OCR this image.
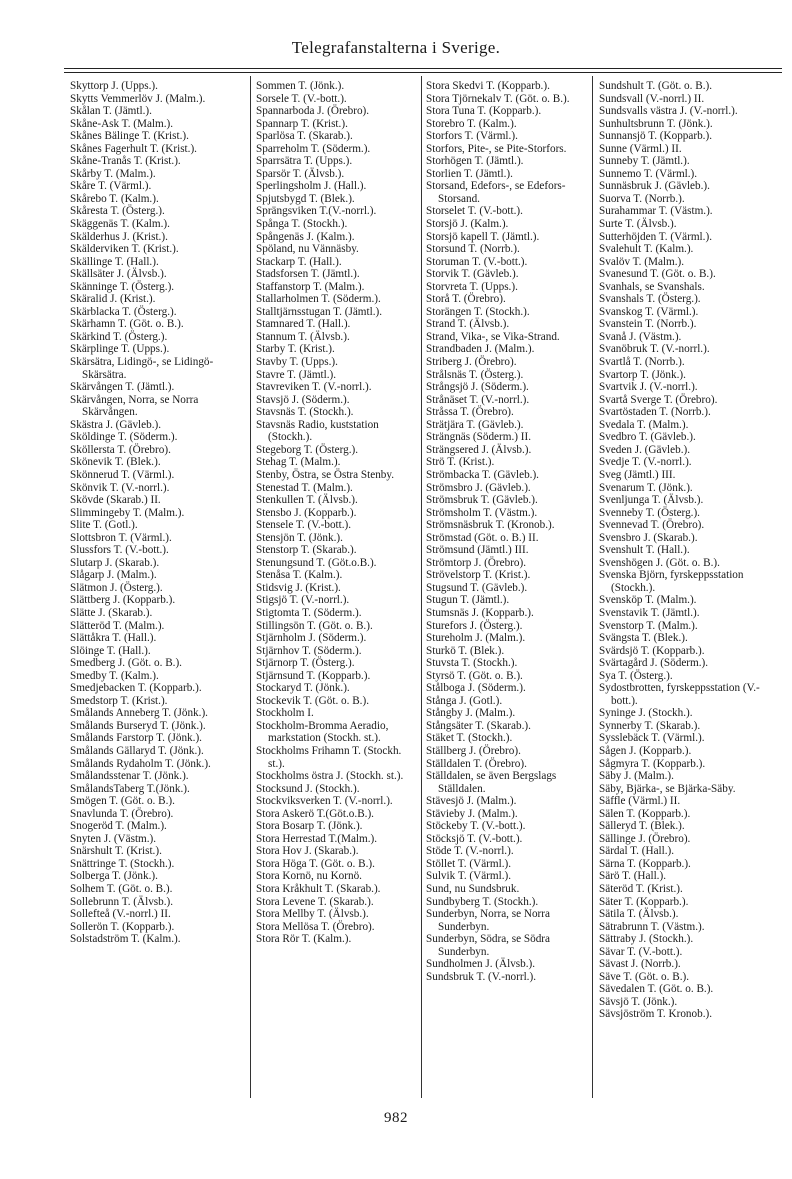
Telegrafanstalterna i Sverige.
Skyttorp J. (Upps.).
Skytts Vemmerlöv J. (Malm.).
Skålan T. (Jämtl.).
Skåne-Ask T. (Malm.).
Skånes Bälinge T. (Krist.).
Skånes Fagerhult T. (Krist.).
Skåne-Tranås T. (Krist.).
Skårby T. (Malm.).
Skåre T. (Värml.).
Skårebo T. (Kalm.).
Skåresta T. (Österg.).
Skäggenäs T. (Kalm.).
Skälderhus J. (Krist.).
Skälderviken T. (Krist.).
Skällinge T. (Hall.).
Skällsäter J. (Älvsb.).
Skänninge T. (Österg.).
Skäralid J. (Krist.).
Skärblacka T. (Österg.).
Skärhamn T. (Göt. o. B.).
Skärkind T. (Österg.).
Skärplinge T. (Upps.).
Skärsätra, Lidingö-, se Lidingö-Skärsätra.
Skärvången T. (Jämtl.).
Skärvången, Norra, se Norra Skärvången.
Skästra J. (Gävleb.).
Sköldinge T. (Söderm.).
Sköllersta T. (Örebro).
Skönevik T. (Blek.).
Skönnerud T. (Värml.).
Skönvik T. (V.-norrl.).
Skövde (Skarab.) II.
Slimmingeby T. (Malm.).
Slite T. (Gotl.).
Slottsbron T. (Värml.).
Slussfors T. (V.-bott.).
Slutarp J. (Skarab.).
Slågarp J. (Malm.).
Slätmon J. (Österg.).
Slättberg J. (Kopparb.).
Slätte J. (Skarab.).
Slätteröd T. (Malm.).
Slättåkra T. (Hall.).
Slöinge T. (Hall.).
Smedberg J. (Göt. o. B.).
Smedby T. (Kalm.).
Smedjebacken T. (Kopparb.).
Smedstorp T. (Krist.).
Smålands Anneberg T. (Jönk.).
Smålands Burseryd T. (Jönk.).
Smålands Farstorp T. (Jönk.).
Smålands Gällaryd T. (Jönk.).
Smålands Rydaholm T. (Jönk.).
Smålandsstenar T. (Jönk.).
SmålandsTaberg T.(Jönk.).
Smögen T. (Göt. o. B.).
Snavlunda T. (Örebro).
Snogeröd T. (Malm.).
Snyten J. (Västm.).
Snärshult T. (Krist.).
Snättringe T. (Stockh.).
Solberga T. (Jönk.).
Solhem T. (Göt. o. B.).
Sollebrunn T. (Älvsb.).
Sollefteå (V.-norrl.) II.
Sollerön T. (Kopparb.).
Solstadström T. (Kalm.).
Sommen T. (Jönk.).
Sorsele T. (V.-bott.).
Spannarboda J. (Örebro).
Spannarp T. (Krist.).
Sparlösa T. (Skarab.).
Sparreholm T. (Söderm.).
Sparrsätra T. (Upps.).
Sparsör T. (Älvsb.).
Sperlingsholm J. (Hall.).
Spjutsbygd T. (Blek.).
Sprängsviken T.(V.-norrl.).
Spånga T. (Stockh.).
Spångenäs J. (Kalm.).
Spöland, nu Vännäsby.
Stackarp T. (Hall.).
Stadsforsen T. (Jämtl.).
Staffanstorp T. (Malm.).
Stallarholmen T. (Söderm.).
Stalltjärnsstugan T. (Jämtl.).
Stamnared T. (Hall.).
Stannum T. (Älvsb.).
Starby T. (Krist.).
Stavby T. (Upps.).
Stavre T. (Jämtl.).
Stavreviken T. (V.-norrl.).
Stavsjö J. (Söderm.).
Stavsnäs T. (Stockh.).
Stavsnäs Radio, kuststation (Stockh.).
Stegeborg T. (Österg.).
Stehag T. (Malm.).
Stenby, Östra, se Östra Stenby.
Stenestad T. (Malm.).
Stenkullen T. (Älvsb.).
Stensbo J. (Kopparb.).
Stensele T. (V.-bott.).
Stensjön T. (Jönk.).
Stenstorp T. (Skarab.).
Stenungsund T. (Göt.o.B.).
Stenåsa T. (Kalm.).
Stidsvig J. (Krist.).
Stigsjö T. (V.-norrl.).
Stigtomta T. (Söderm.).
Stillingsön T. (Göt. o. B.).
Stjärnholm J. (Söderm.).
Stjärnhov T. (Söderm.).
Stjärnorp T. (Österg.).
Stjärnsund T. (Kopparb.).
Stockaryd T. (Jönk.).
Stockevik T. (Göt. o. B.).
Stockholm I.
Stockholm-Bromma Aeradio, markstation (Stockh. st.).
Stockholms Frihamn T. (Stockh. st.).
Stockholms östra J. (Stockh. st.).
Stocksund J. (Stockh.).
Stockviksverken T. (V.-norrl.).
Stora Askerö T.(Göt.o.B.).
Stora Bosarp T. (Jönk.).
Stora Herrestad T.(Malm.).
Stora Hov J. (Skarab.).
Stora Höga T. (Göt. o. B.).
Stora Kornö, nu Kornö.
Stora Kråkhult T. (Skarab.).
Stora Levene T. (Skarab.).
Stora Mellby T. (Älvsb.).
Stora Mellösa T. (Örebro).
Stora Rör T. (Kalm.).
Stora Skedvi T. (Kopparb.).
Stora Tjörnekalv T. (Göt. o. B.).
Stora Tuna T. (Kopparb.).
Storebro T. (Kalm.).
Storfors T. (Värml.).
Storfors, Pite-, se Pite-Storfors.
Storhögen T. (Jämtl.).
Storlien T. (Jämtl.).
Storsand, Edefors-, se Edefors-Storsand.
Storselet T. (V.-bott.).
Storsjö J. (Kalm.).
Storsjö kapell T. (Jämtl.).
Storsund T. (Norrb.).
Storuman T. (V.-bott.).
Storvik T. (Gävleb.).
Storvreta T. (Upps.).
Storå T. (Örebro).
Storängen T. (Stockh.).
Strand T. (Älvsb.).
Strand, Vika-, se Vika-Strand.
Strandbaden J. (Malm.).
Striberg J. (Örebro).
Strålsnäs T. (Österg.).
Strångsjö J. (Söderm.).
Strånäset T. (V.-norrl.).
Stråssa T. (Örebro).
Strätjära T. (Gävleb.).
Strängnäs (Söderm.) II.
Strängsered J. (Älvsb.).
Strö T. (Krist.).
Strömbacka T. (Gävleb.).
Strömsbro J. (Gävleb.).
Strömsbruk T. (Gävleb.).
Strömsholm T. (Västm.).
Strömsnäsbruk T. (Kronob.).
Strömstad (Göt. o. B.) II.
Strömsund (Jämtl.) III.
Strömtorp J. (Örebro).
Strövelstorp T. (Krist.).
Stugsund T. (Gävleb.).
Stugun T. (Jämtl.).
Stumsnäs J. (Kopparb.).
Sturefors J. (Österg.).
Stureholm J. (Malm.).
Sturkö T. (Blek.).
Stuvsta T. (Stockh.).
Styrsö T. (Göt. o. B.).
Stålboga J. (Söderm.).
Stånga J. (Gotl.).
Stångby J. (Malm.).
Stångsäter T. (Skarab.).
Stäket T. (Stockh.).
Ställberg J. (Örebro).
Ställdalen T. (Örebro).
Ställdalen, se även Bergslags Ställdalen.
Stävesjö J. (Malm.).
Stävieby J. (Malm.).
Stöckeby T. (V.-bott.).
Stöcksjö T. (V.-bott.).
Stöde T. (V.-norrl.).
Stöllet T. (Värml.).
Sulvik T. (Värml.).
Sund, nu Sundsbruk.
Sundbyberg T. (Stockh.).
Sunderbyn, Norra, se Norra Sunderbyn.
Sunderbyn, Södra, se Södra Sunderbyn.
Sundholmen J. (Älvsb.).
Sundsbruk T. (V.-norrl.).
Sundshult T. (Göt. o. B.).
Sundsvall (V.-norrl.) II.
Sundsvalls västra J. (V.-norrl.).
Sunhultsbrunn T. (Jönk.).
Sunnansjö T. (Kopparb.).
Sunne (Värml.) II.
Sunneby T. (Jämtl.).
Sunnemo T. (Värml.).
Sunnäsbruk J. (Gävleb.).
Suorva T. (Norrb.).
Surahammar T. (Västm.).
Surte T. (Älvsb.).
Sutterhöjden T. (Värml.).
Svalehult T. (Kalm.).
Svalöv T. (Malm.).
Svanesund T. (Göt. o. B.).
Svanhals, se Svanshals.
Svanshals T. (Österg.).
Svanskog T. (Värml.).
Svanstein T. (Norrb.).
Svanå J. (Västm.).
Svanöbruk T. (V.-norrl.).
Svartlå T. (Norrb.).
Svartorp T. (Jönk.).
Svartvik J. (V.-norrl.).
Svartå Sverge T. (Örebro).
Svartöstaden T. (Norrb.).
Svedala T. (Malm.).
Svedbro T. (Gävleb.).
Sveden J. (Gävleb.).
Svedje T. (V.-norrl.).
Sveg (Jämtl.) III.
Svenarum T. (Jönk.).
Svenljunga T. (Älvsb.).
Svenneby T. (Österg.).
Svennevad T. (Örebro).
Svensbro J. (Skarab.).
Svenshult T. (Hall.).
Svenshögen J. (Göt. o. B.).
Svenska Björn, fyrskeppsstation (Stockh.).
Svensköp T. (Malm.).
Svenstavik T. (Jämtl.).
Svenstorp T. (Malm.).
Svängsta T. (Blek.).
Svärdsjö T. (Kopparb.).
Svärtagård J. (Söderm.).
Sya T. (Österg.).
Sydostbrotten, fyrskeppsstation (V.-bott.).
Syninge J. (Stockh.).
Synnerby T. (Skarab.).
Sysslebäck T. (Värml.).
Sågen J. (Kopparb.).
Sågmyra T. (Kopparb.).
Säby J. (Malm.).
Säby, Bjärka-, se Bjärka-Säby.
Säffle (Värml.) II.
Sälen T. (Kopparb.).
Sälleryd T. (Blek.).
Sällinge J. (Örebro).
Särdal T. (Hall.).
Särna T. (Kopparb.).
Särö T. (Hall.).
Säteröd T. (Krist.).
Säter T. (Kopparb.).
Sätila T. (Älvsb.).
Sätrabrunn T. (Västm.).
Sättraby J. (Stockh.).
Sävar T. (V.-bott.).
Sävast J. (Norrb.).
Säve T. (Göt. o. B.).
Sävedalen T. (Göt. o. B.).
Sävsjö T. (Jönk.).
Sävsjöström T. Kronob.).
982
